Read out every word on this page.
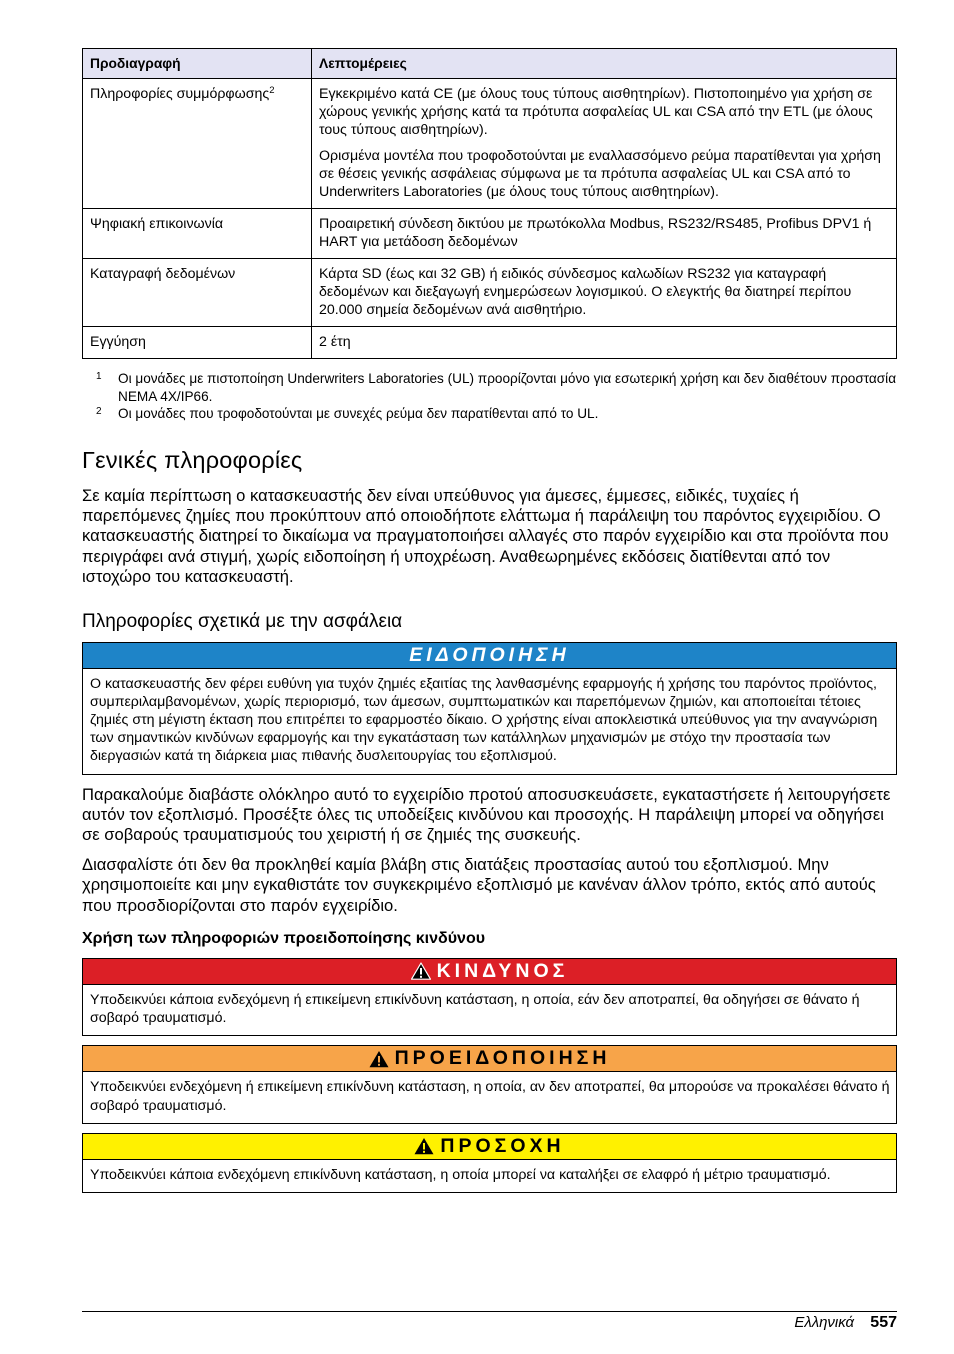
Προδιαγραφή	Λεπτομέρειες
Πληροφορίες συμμόρφωσης$^2$	Εγκεκριμένο κατά CE (με όλους τους τύπους αισθητηρίων). Πιστοποιημένο για χρήση σε χώρους γενικής χρήσης κατά τα πρότυπα ασφαλείας UL και CSA από την ETL (με όλους τους τύπους αισθητηρίων).

Ορισμένα μοντέλα που τροφοδοτούνται με εναλλασσόμενο ρεύμα παρατίθενται για χρήση σε θέσεις γενικής ασφάλειας σύμφωνα με τα πρότυπα ασφαλείας UL και CSA από το Underwriters Laboratories (με όλους τους τύπους αισθητηρίων).

Ψηφιακή επικοινωνία	Προαιρετική σύνδεση δικτύου με πρωτόκολλα Modbus, RS232/RS485, Profibus DPV1 ή HART για μετάδοση δεδομένων

Καταγραφή δεδομένων	Κάρτα SD (έως και 32 GB) ή ειδικός σύνδεσμος καλωδίων RS232 για καταγραφή δεδομένων και διεξαγωγή ενημερώσεων λογισμικού. Ο ελεγκτής θα διατηρεί περίπου 20.000 σημεία δεδομένων ανά αισθητήριο.

Εγγύηση	2 έτη

1	Οι μονάδες με πιστοποίηση Underwriters Laboratories (UL) προορίζονται μόνο για εσωτερική χρήση και δεν διαθέτουν προστασία NEMA 4X/IP66.
2	Οι μονάδες που τροφοδοτούνται με συνεχές ρεύμα δεν παρατίθενται από το UL.
Γενικές πληροφορίες

Σε καμία περίπτωση ο κατασκευαστής δεν είναι υπεύθυνος για άμεσες, έμμεσες, ειδικές, τυχαίες ή παρεπόμενες ζημίες που προκύπτουν από οποιοδήποτε ελάττωμα ή παράλειψη του παρόντος εγχειριδίου. Ο κατασκευαστής διατηρεί το δικαίωμα να πραγματοποιήσει αλλαγές στο παρόν εγχειρίδιο και στα προϊόντα που περιγράφει ανά στιγμή, χωρίς ειδοποίηση ή υποχρέωση. Αναθεωρημένες εκδόσεις διατίθενται από τον ιστοχώρο του κατασκευαστή.

Πληροφορίες σχετικά με την ασφάλεια
ΕΙΔΟΠΟΙΗΣΗ
Ο κατασκευαστής δεν φέρει ευθύνη για τυχόν ζημιές εξαιτίας της λανθασμένης εφαρμογής ή χρήσης του παρόντος προϊόντος, συμπεριλαμβανομένων, χωρίς περιορισμό, των άμεσων, συμπτωματικών και παρεπόμενων ζημιών, και αποποιείται τέτοιες ζημιές στη μέγιστη έκταση που επιτρέπει το εφαρμοστέο δίκαιο. Ο χρήστης είναι αποκλειστικά υπεύθυνος για την αναγνώριση των σημαντικών κινδύνων εφαρμογής και την εγκατάσταση των κατάλληλων μηχανισμών με στόχο την προστασία των διεργασιών κατά τη διάρκεια μιας πιθανής δυσλειτουργίας του εξοπλισμού.

Παρακαλούμε διαβάστε ολόκληρο αυτό το εγχειρίδιο προτού αποσυσκευάσετε, εγκαταστήσετε ή λειτουργήσετε αυτόν τον εξοπλισμό. Προσέξτε όλες τις υποδείξεις κινδύνου και προσοχής. Η παράλειψη μπορεί να οδηγήσει σε σοβαρούς τραυματισμούς του χειριστή ή σε ζημιές της συσκευής.

Διασφαλίστε ότι δεν θα προκληθεί καμία βλάβη στις διατάξεις προστασίας αυτού του εξοπλισμού. Μην χρησιμοποιείτε και μην εγκαθιστάτε τον συγκεκριμένο εξοπλισμό με κανέναν άλλον τρόπο, εκτός από αυτούς που προσδιορίζονται στο παρόν εγχειρίδιο.

Χρήση των πληροφοριών προειδοποίησης κινδύνου
ΚΙΝΔΥΝΟΣ
Υποδεικνύει κάποια ενδεχόμενη ή επικείμενη επικίνδυνη κατάσταση, η οποία, εάν δεν αποτραπεί, θα οδηγήσει σε θάνατο ή σοβαρό τραυματισμό.
ΠΡΟΕΙΔΟΠΟΙΗΣΗ
Υποδεικνύει ενδεχόμενη ή επικείμενη επικίνδυνη κατάσταση, η οποία, αν δεν αποτραπεί, θα μπορούσε να προκαλέσει θάνατο ή σοβαρό τραυματισμό.
ΠΡΟΣΟΧΗ
Υποδεικνύει κάποια ενδεχόμενη επικίνδυνη κατάσταση, η οποία μπορεί να καταλήξει σε ελαφρό ή μέτριο τραυματισμό.
Ελληνικά 557
